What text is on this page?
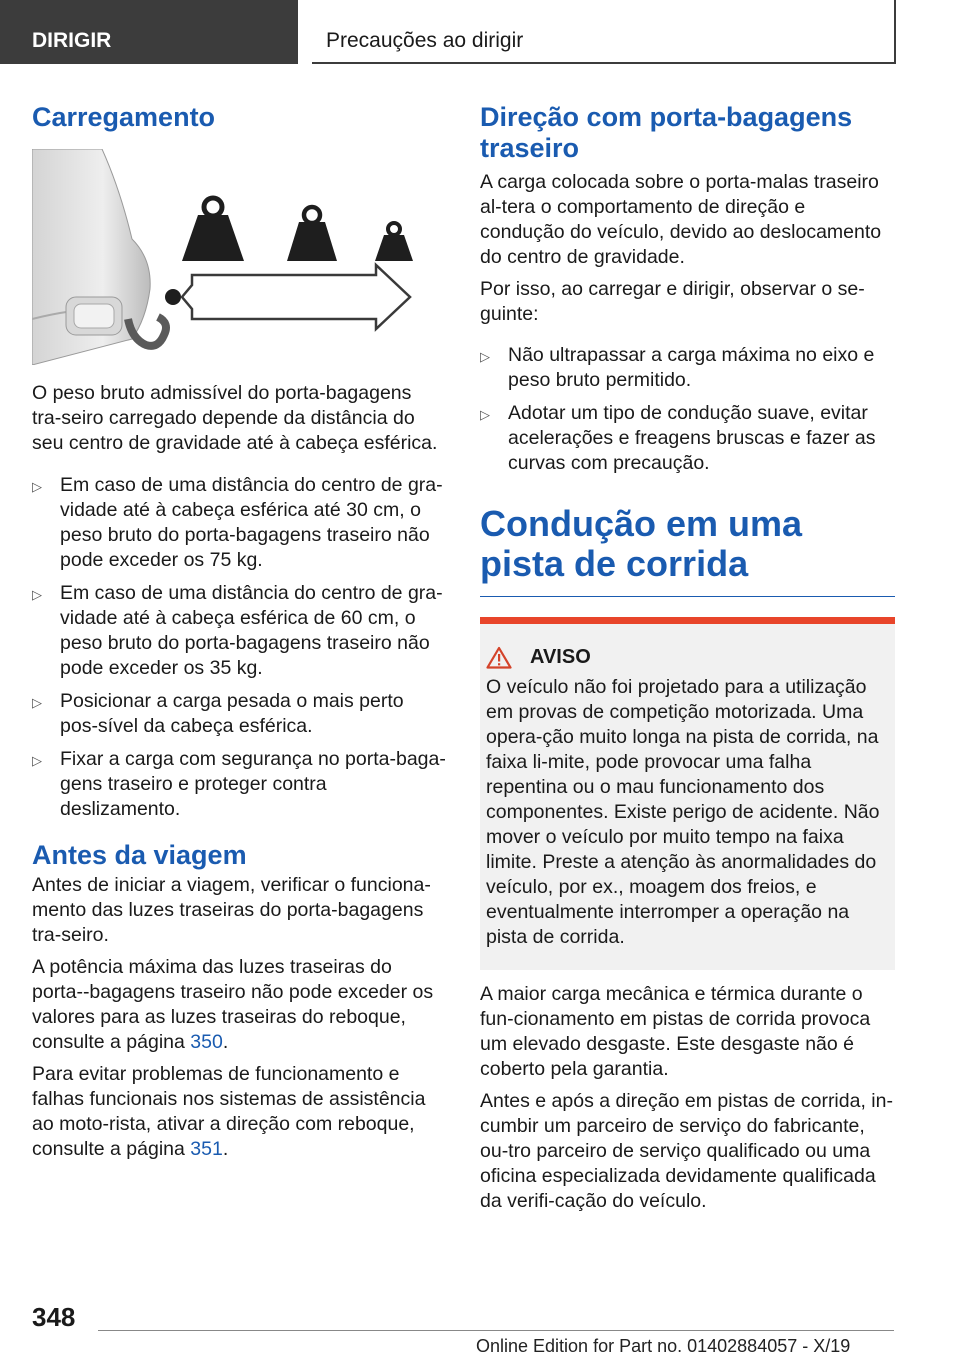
DIRIGIR	Precauções ao dirigir
Carregamento

O peso bruto admissível do porta-bagagens tra-seiro carregado depende da distância do seu centro de gravidade até à cabeça esférica.

▷ Em caso de uma distância do centro de gra-vidade até à cabeça esférica até 30 cm, o peso bruto do porta-bagagens traseiro não pode exceder os 75 kg.

▷ Em caso de uma distância do centro de gra-vidade até à cabeça esférica de 60 cm, o peso bruto do porta-bagagens traseiro não pode exceder os 35 kg.

▷ Posicionar a carga pesada o mais perto pos-sível da cabeça esférica.

▷ Fixar a carga com segurança no porta-baga-gens traseiro e proteger contra deslizamento.

Antes da viagem

Antes de iniciar a viagem, verificar o funciona-mento das luzes traseiras do porta-bagagens tra-seiro.

A potência máxima das luzes traseiras do porta--bagagens traseiro não pode exceder os valores para as luzes traseiras do reboque, consulte a página 350.

Para evitar problemas de funcionamento e falhas funcionais nos sistemas de assistência ao moto-rista, ativar a direção com reboque, consulte a página 351.

Direção com porta-bagagens traseiro

A carga colocada sobre o porta-malas traseiro al-tera o comportamento de direção e condução do veículo, devido ao deslocamento do centro de gravidade.

Por isso, ao carregar e dirigir, observar o se-guinte:

▷ Não ultrapassar a carga máxima no eixo e peso bruto permitido.

▷ Adotar um tipo de condução suave, evitar acelerações e freagens bruscas e fazer as curvas com precaução.

Condução em uma pista de corrida
AVISO

O veículo não foi projetado para a utilização em provas de competição motorizada. Uma opera-ção muito longa na pista de corrida, na faixa li-mite, pode provocar uma falha repentina ou o mau funcionamento dos componentes. Existe perigo de acidente. Não mover o veículo por muito tempo na faixa limite. Preste a atenção às anormalidades do veículo, por ex., moagem dos freios, e eventualmente interromper a operação na pista de corrida.

A maior carga mecânica e térmica durante o fun-cionamento em pistas de corrida provoca um elevado desgaste. Este desgaste não é coberto pela garantia.

Antes e após a direção em pistas de corrida, in-cumbir um parceiro de serviço do fabricante, ou-tro parceiro de serviço qualificado ou uma oficina especializada devidamente qualificada da verifi-cação do veículo.

348
Online Edition for Part no. 01402884057 - X/19
